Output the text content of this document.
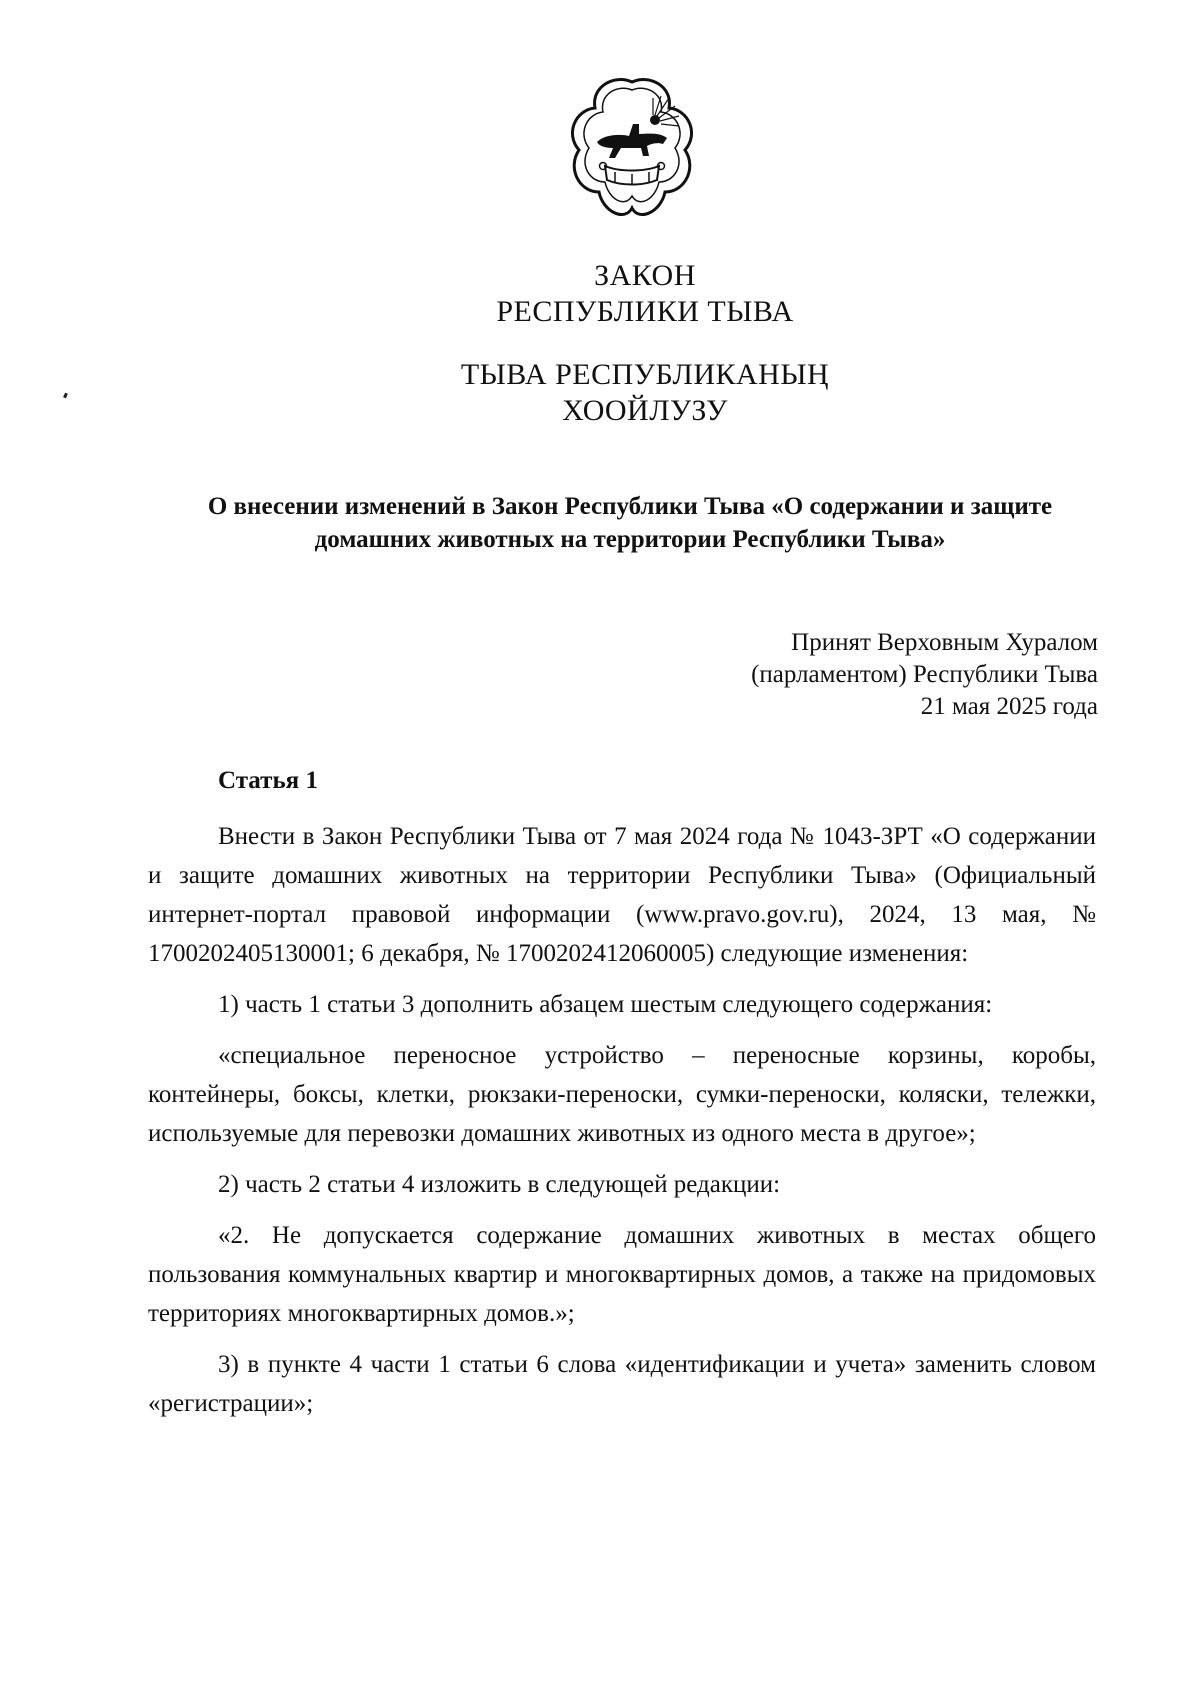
ЗАКОН
РЕСПУБЛИКИ ТЫВА
ТЫВА РЕСПУБЛИКАНЫҢ
ХООЙЛУЗУ
О внесении изменений в Закон Республики Тыва «О содержании и защите
домашних животных на территории Республики Тыва»
Принят Верховным Хуралом
(парламентом) Республики Тыва
21 мая 2025 года
Статья 1

Внести в Закон Республики Тыва от 7 мая 2024 года № 1043-ЗРТ «О содержании и защите домашних животных на территории Республики Тыва» (Официальный интернет-портал правовой информации (www.pravo.gov.ru), 2024, 13 мая, № 1700202405130001; 6 декабря, № 1700202412060005) следующие изменения:

1) часть 1 статьи 3 дополнить абзацем шестым следующего содержания:

«специальное переносное устройство – переносные корзины, коробы, контейнеры, боксы, клетки, рюкзаки-переноски, сумки-переноски, коляски, тележки, используемые для перевозки домашних животных из одного места в другое»;

2) часть 2 статьи 4 изложить в следующей редакции:

«2. Не допускается содержание домашних животных в местах общего пользования коммунальных квартир и многоквартирных домов, а также на придомовых территориях многоквартирных домов.»;

3) в пункте 4 части 1 статьи 6 слова «идентификации и учета» заменить словом «регистрации»;
